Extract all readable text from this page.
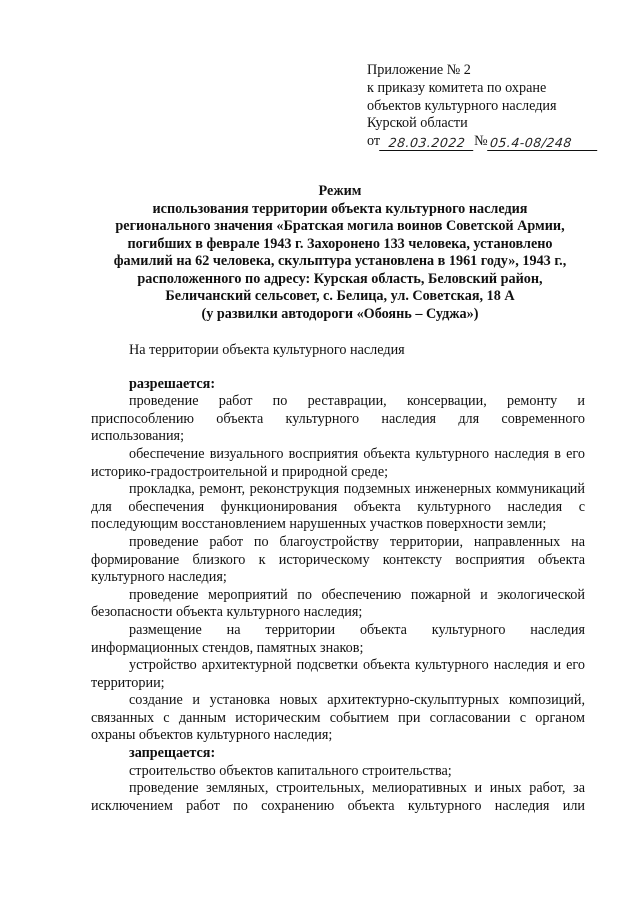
Приложение № 2
к приказу комитета по охране
объектов культурного наследия
Курской области
от 28.03.2022 № 05.4-08/248
Режим
использования территории объекта культурного наследия
регионального значения «Братская могила воинов Советской Армии,
погибших в феврале 1943 г. Захоронено 133 человека, установлено
фамилий на 62 человека, скульптура установлена в 1961 году», 1943 г.,
расположенного по адресу: Курская область, Беловский район,
Беличанский сельсовет, с. Белица, ул. Советская, 18 А
(у развилки автодороги «Обоянь – Суджа»)

На территории объекта культурного наследия

разрешается:

проведение работ по реставрации, консервации, ремонту и приспособлению объекта культурного наследия для современного использования;

обеспечение визуального восприятия объекта культурного наследия в его историко-градостроительной и природной среде;

прокладка, ремонт, реконструкция подземных инженерных коммуникаций для обеспечения функционирования объекта культурного наследия с последующим восстановлением нарушенных участков поверхности земли;

проведение работ по благоустройству территории, направленных на формирование близкого к историческому контексту восприятия объекта культурного наследия;

проведение мероприятий по обеспечению пожарной и экологической безопасности объекта культурного наследия;

размещение на территории объекта культурного наследия информационных стендов, памятных знаков;

устройство архитектурной подсветки объекта культурного наследия и его территории;

создание и установка новых архитектурно-скульптурных композиций, связанных с данным историческим событием при согласовании с органом охраны объектов культурного наследия;

запрещается:

строительство объектов капитального строительства;

проведение земляных, строительных, мелиоративных и иных работ, за исключением работ по сохранению объекта культурного наследия или
